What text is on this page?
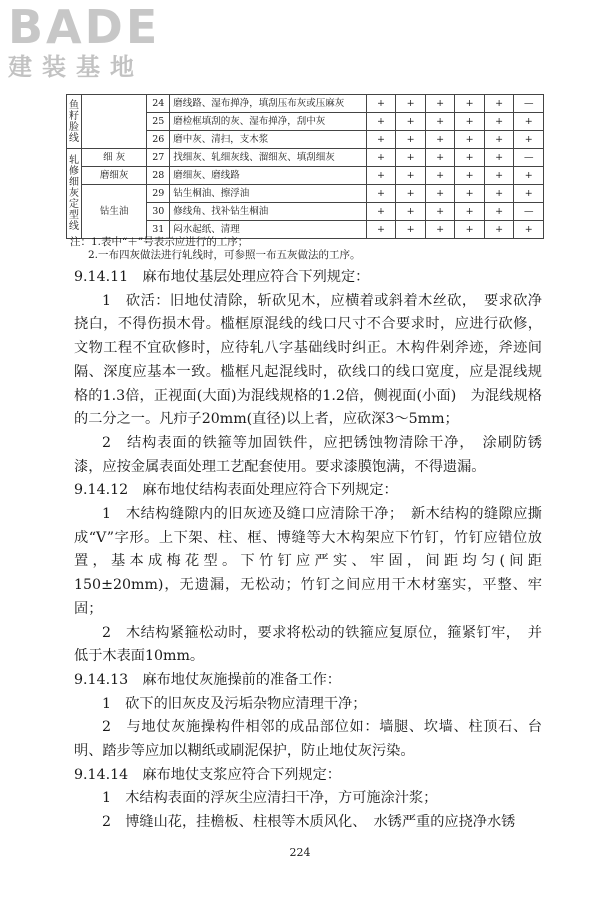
BADE
建装基地
鱼籽脸线		24	磨线路、湿布掸净，填刮压布灰或压麻灰	+	+	+	+	+	—
		25	磨检框填刮的灰、湿布掸净，刮中灰	+	+	+	+	+	+
		26	磨中灰、清扫，支木浆	+	+	+	+	+	+
轧修细灰定型线	细 灰	27	找细灰、轧细灰线、溜细灰、填刮细灰	+	+	+	+	+	—
	磨细灰	28	磨细灰、磨线路	+	+	+	+	+	+
	钻生油	29	钻生桐油、擦浮油	+	+	+	+	+	+
		30	修线角、找补钻生桐油	+	+	+	+	+	—
		31	闷水起纸、清理	+	+	+	+	+	+
注：1.表中“＋”号表示应进行的工序；
2.一布四灰做法进行轧线时，可参照一布五灰做法的工序。

9.14.11　麻布地仗基层处理应符合下列规定：

1　砍活：旧地仗清除，斩砍见木，应横着或斜着木丝砍，　要求砍净挠白，不得伤损木骨。槛框原混线的线口尺寸不合要求时，应进行砍修，文物工程不宜砍修时，应待轧八字基础线时纠正。木构件剁斧迹，斧迹间隔、深度应基本一致。槛框凡起混线时，砍线口的线口宽度，应是混线规格的1.3倍，正视面(大面)为混线规格的1.2倍，侧视面(小面)　为混线规格的二分之一。凡疖子20mm(直径)以上者，应砍深3～5mm；

2　结构表面的铁箍等加固铁件，应把锈蚀物清除干净，　涂刷防锈漆，应按金属表面处理工艺配套使用。要求漆膜饱满，不得遗漏。

9.14.12　麻布地仗结构表面处理应符合下列规定：

1　木结构缝隙内的旧灰迹及缝口应清除干净；　新木结构的缝隙应撕成“V”字形。上下架、柱、框、博缝等大木构架应下竹钉，竹钉应错位放置，基本成梅花型。下竹钉应严实、牢固，间距均匀(间距　150±20mm)，无遗漏，无松动；竹钉之间应用干木材塞实，平整、牢固；

2　木结构紧箍松动时，要求将松动的铁箍应复原位，箍紧钉牢，　并低于木表面10mm。

9.14.13　麻布地仗灰施操前的准备工作：

1　砍下的旧灰皮及污垢杂物应清理干净；

2　与地仗灰施操构件相邻的成品部位如：墙腿、坎墙、柱顶石、台明、踏步等应加以糊纸或刷泥保护，防止地仗灰污染。

9.14.14　麻布地仗支浆应符合下列规定：

1　木结构表面的浮灰尘应清扫干净，方可施涂汁浆；

2　博缝山花，挂檐板、柱根等木质风化、　水锈严重的应挠净水锈

224
